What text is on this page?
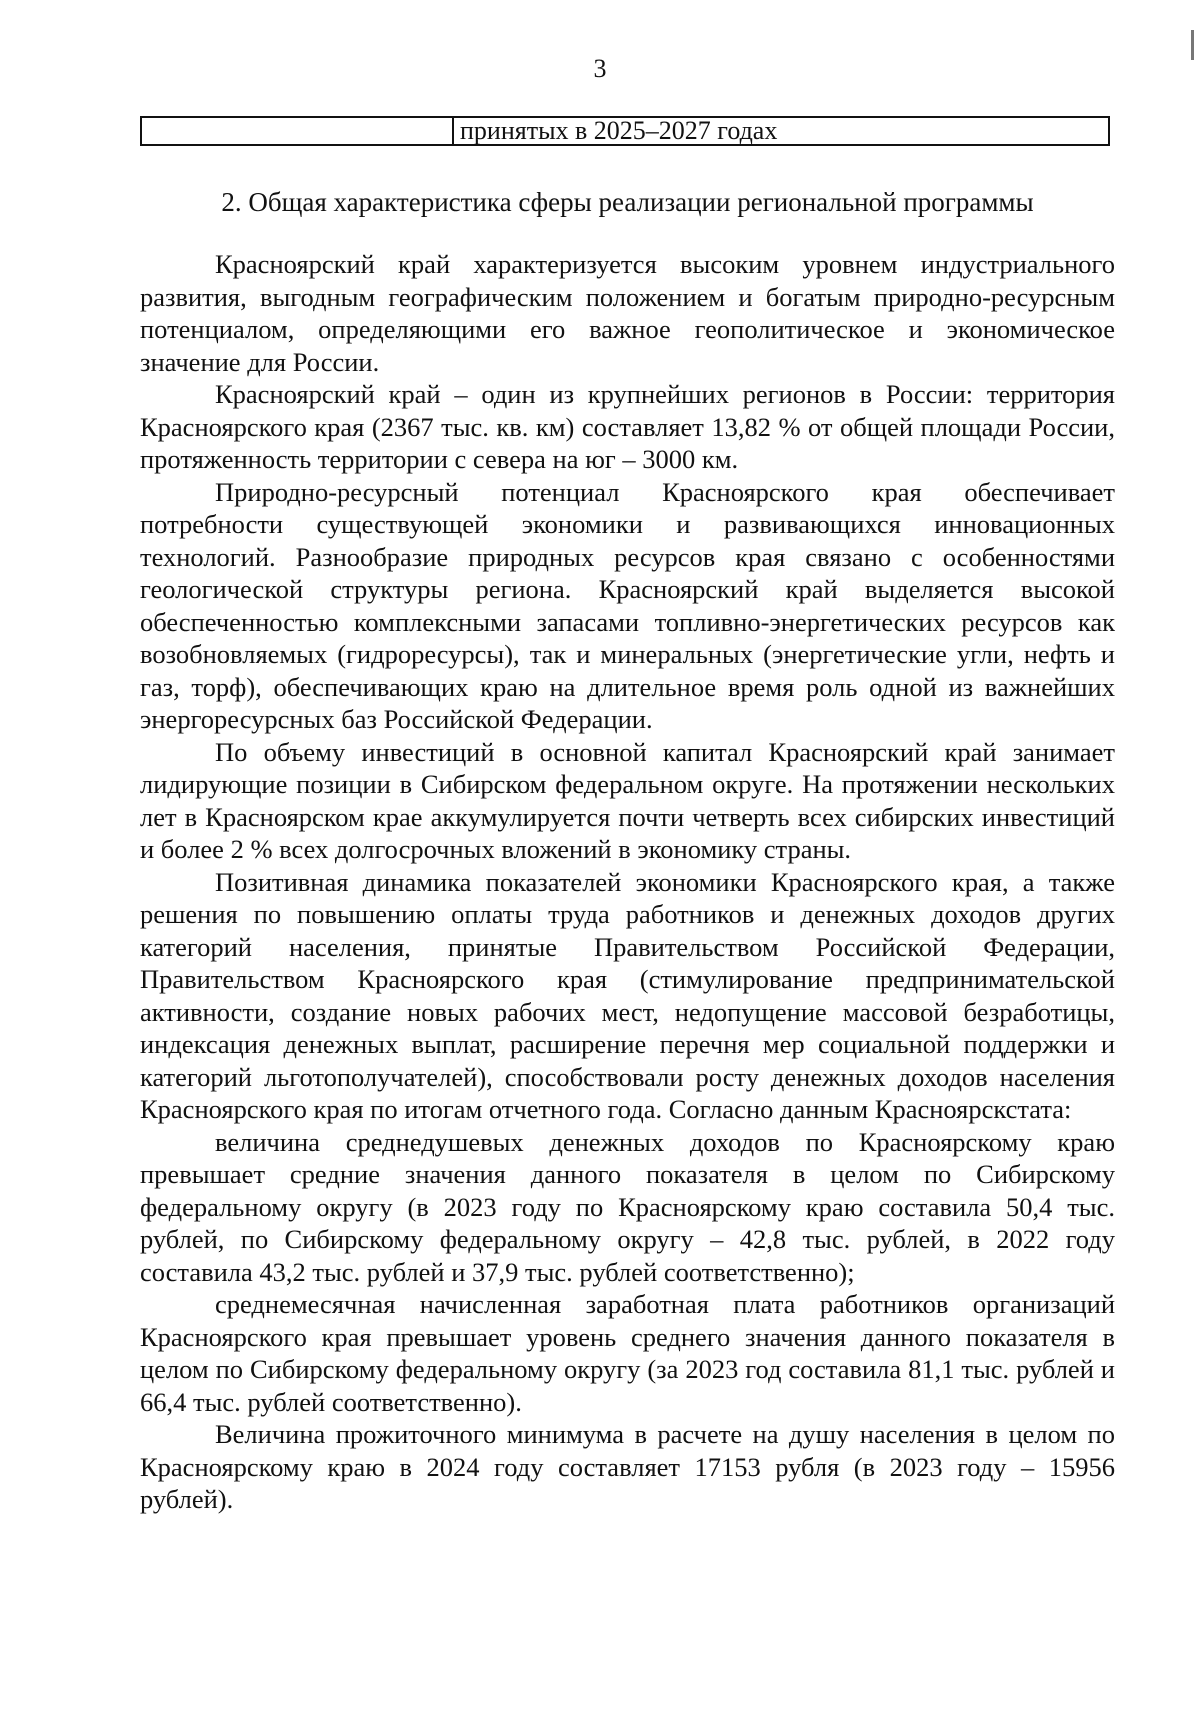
3
принятых в 2025–2027 годах
2. Общая характеристика сферы реализации региональной программы

Красноярский край характеризуется высоким уровнем индустриального развития, выгодным географическим положением и богатым природно-ресурсным потенциалом, определяющими его важное геополитическое и экономическое значение для России.

Красноярский край – один из крупнейших регионов в России: территория Красноярского края (2367 тыс. кв. км) составляет 13,82 % от общей площади России, протяженность территории с севера на юг – 3000 км.

Природно-ресурсный потенциал Красноярского края обеспечивает потребности существующей экономики и развивающихся инновационных технологий. Разнообразие природных ресурсов края связано с особенностями геологической структуры региона. Красноярский край выделяется высокой обеспеченностью комплексными запасами топливно-энергетических ресурсов как возобновляемых (гидроресурсы), так и минеральных (энергетические угли, нефть и газ, торф), обеспечивающих краю на длительное время роль одной из важнейших энергоресурсных баз Российской Федерации.

По объему инвестиций в основной капитал Красноярский край занимает лидирующие позиции в Сибирском федеральном округе. На протяжении нескольких лет в Красноярском крае аккумулируется почти четверть всех сибирских инвестиций и более 2 % всех долгосрочных вложений в экономику страны.

Позитивная динамика показателей экономики Красноярского края, а также решения по повышению оплаты труда работников и денежных доходов других категорий населения, принятые Правительством Российской Федерации, Правительством Красноярского края (стимулирование предпринимательской активности, создание новых рабочих мест, недопущение массовой безработицы, индексация денежных выплат, расширение перечня мер социальной поддержки и категорий льготополучателей), способствовали росту денежных доходов населения Красноярского края по итогам отчетного года. Согласно данным Красноярскстата:

величина среднедушевых денежных доходов по Красноярскому краю превышает средние значения данного показателя в целом по Сибирскому федеральному округу (в 2023 году по Красноярскому краю составила 50,4 тыс. рублей, по Сибирскому федеральному округу – 42,8 тыс. рублей, в 2022 году составила 43,2 тыс. рублей и 37,9 тыс. рублей соответственно);

среднемесячная начисленная заработная плата работников организаций Красноярского края превышает уровень среднего значения данного показателя в целом по Сибирскому федеральному округу (за 2023 год составила 81,1 тыс. рублей и 66,4 тыс. рублей соответственно).

Величина прожиточного минимума в расчете на душу населения в целом по Красноярскому краю в 2024 году составляет 17153 рубля (в 2023 году – 15956 рублей).
